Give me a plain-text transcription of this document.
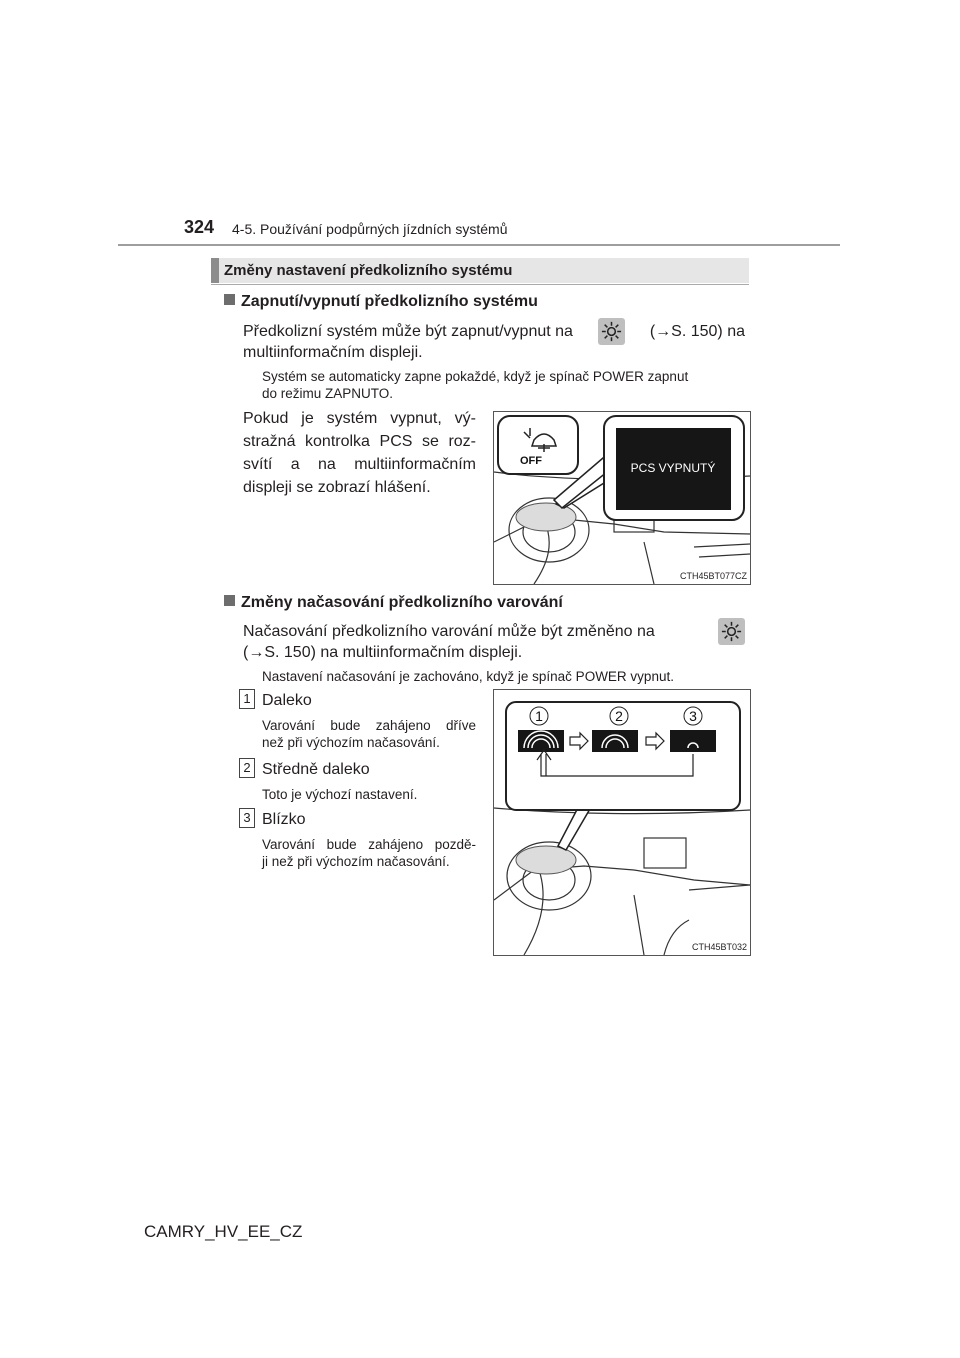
324 4-5. Používání podpůrných jízdních systémů
Změny nastavení předkolizního systému
Zapnutí/vypnutí předkolizního systému
Předkolizní systém může být zapnut/vypnut na	(→S. 150) na
multiinformačním displeji.
Systém se automaticky zapne pokaždé, když je spínač POWER zapnut
do režimu ZAPNUTO.
Pokud je systém vypnut, vý-
stražná kontrolka PCS se roz-
svítí a na multiinformačním
displeji se zobrazí hlášení.
OFF	PCS VYPNUTÝ
CTH45BT077CZ
Změny načasování předkolizního varování
Načasování předkolizního varování může být změněno na
(→S. 150) na multiinformačním displeji.
Nastavení načasování je zachováno, když je spínač POWER vypnut.
1 Daleko
Varování bude zahájeno dříve
než při výchozím načasování.
2 Středně daleko
Toto je výchozí nastavení.
3 Blízko
Varování bude zahájeno pozdě-
ji než při výchozím načasování.
1	2	3
CTH45BT032
CAMRY_HV_EE_CZ
